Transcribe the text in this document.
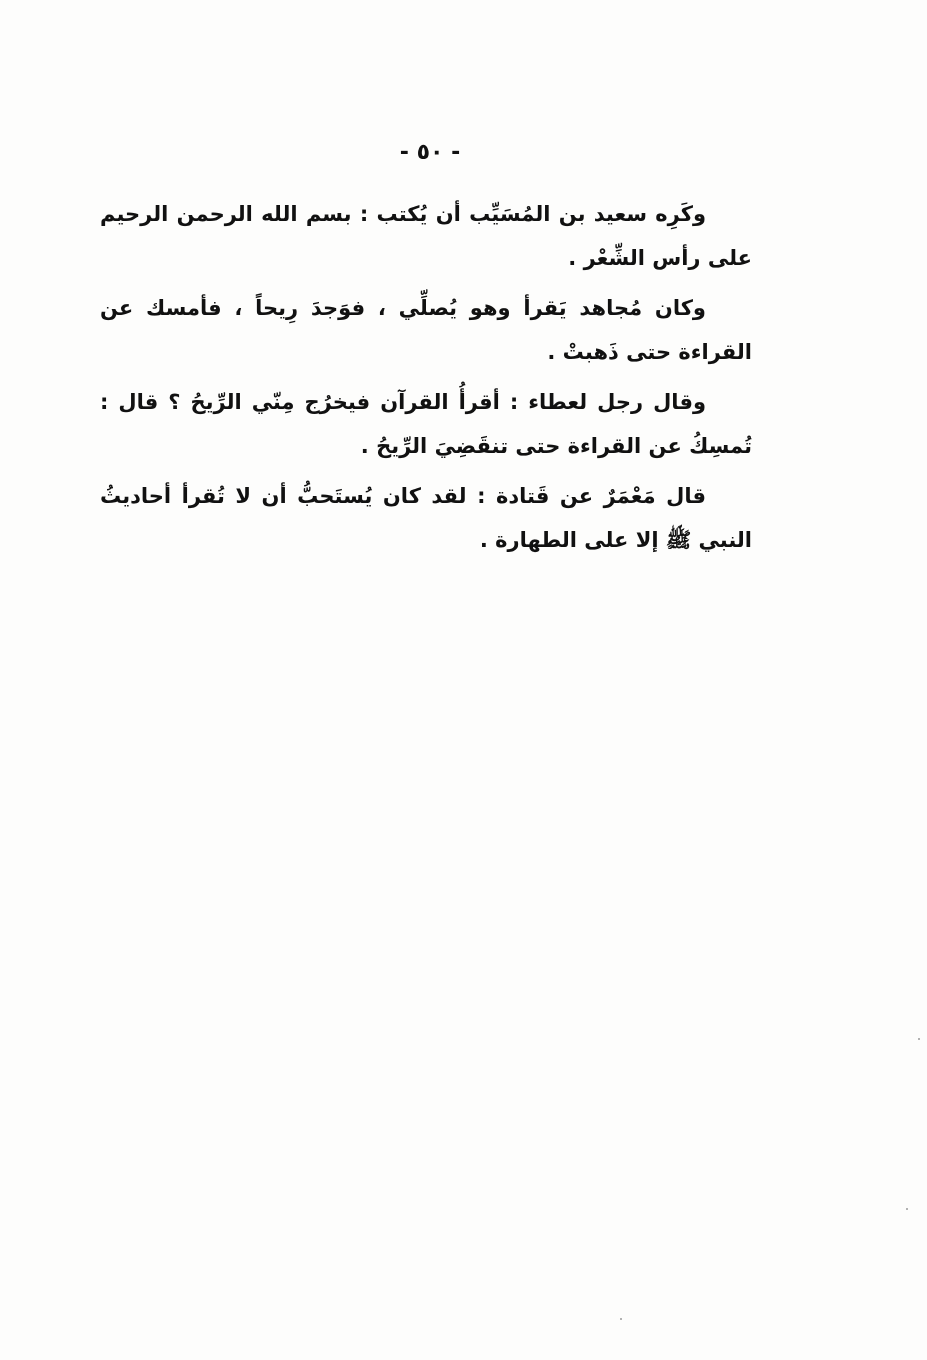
- ٥٠ -

وكَرِه سعيد بن المُسَيِّب أن يُكتب : بسم الله الرحمن الرحيم على رأس الشِّعْر .

وكان مُجاهد يَقرأ وهو يُصلِّي ، فوَجدَ رِيحاً ، فأمسك عن القراءة حتى ذَهبتْ .

وقال رجل لعطاء : أقرأُ القرآن فيخرُج مِنّي الرِّيحُ ؟ قال : تُمسِكُ عن القراءة حتى تنقَضِيَ الرِّيحُ .

قال مَعْمَرٌ عن قَتادة : لقد كان يُستَحبُّ أن لا تُقرأ أحاديثُ النبي ﷺ إلا على الطهارة .
